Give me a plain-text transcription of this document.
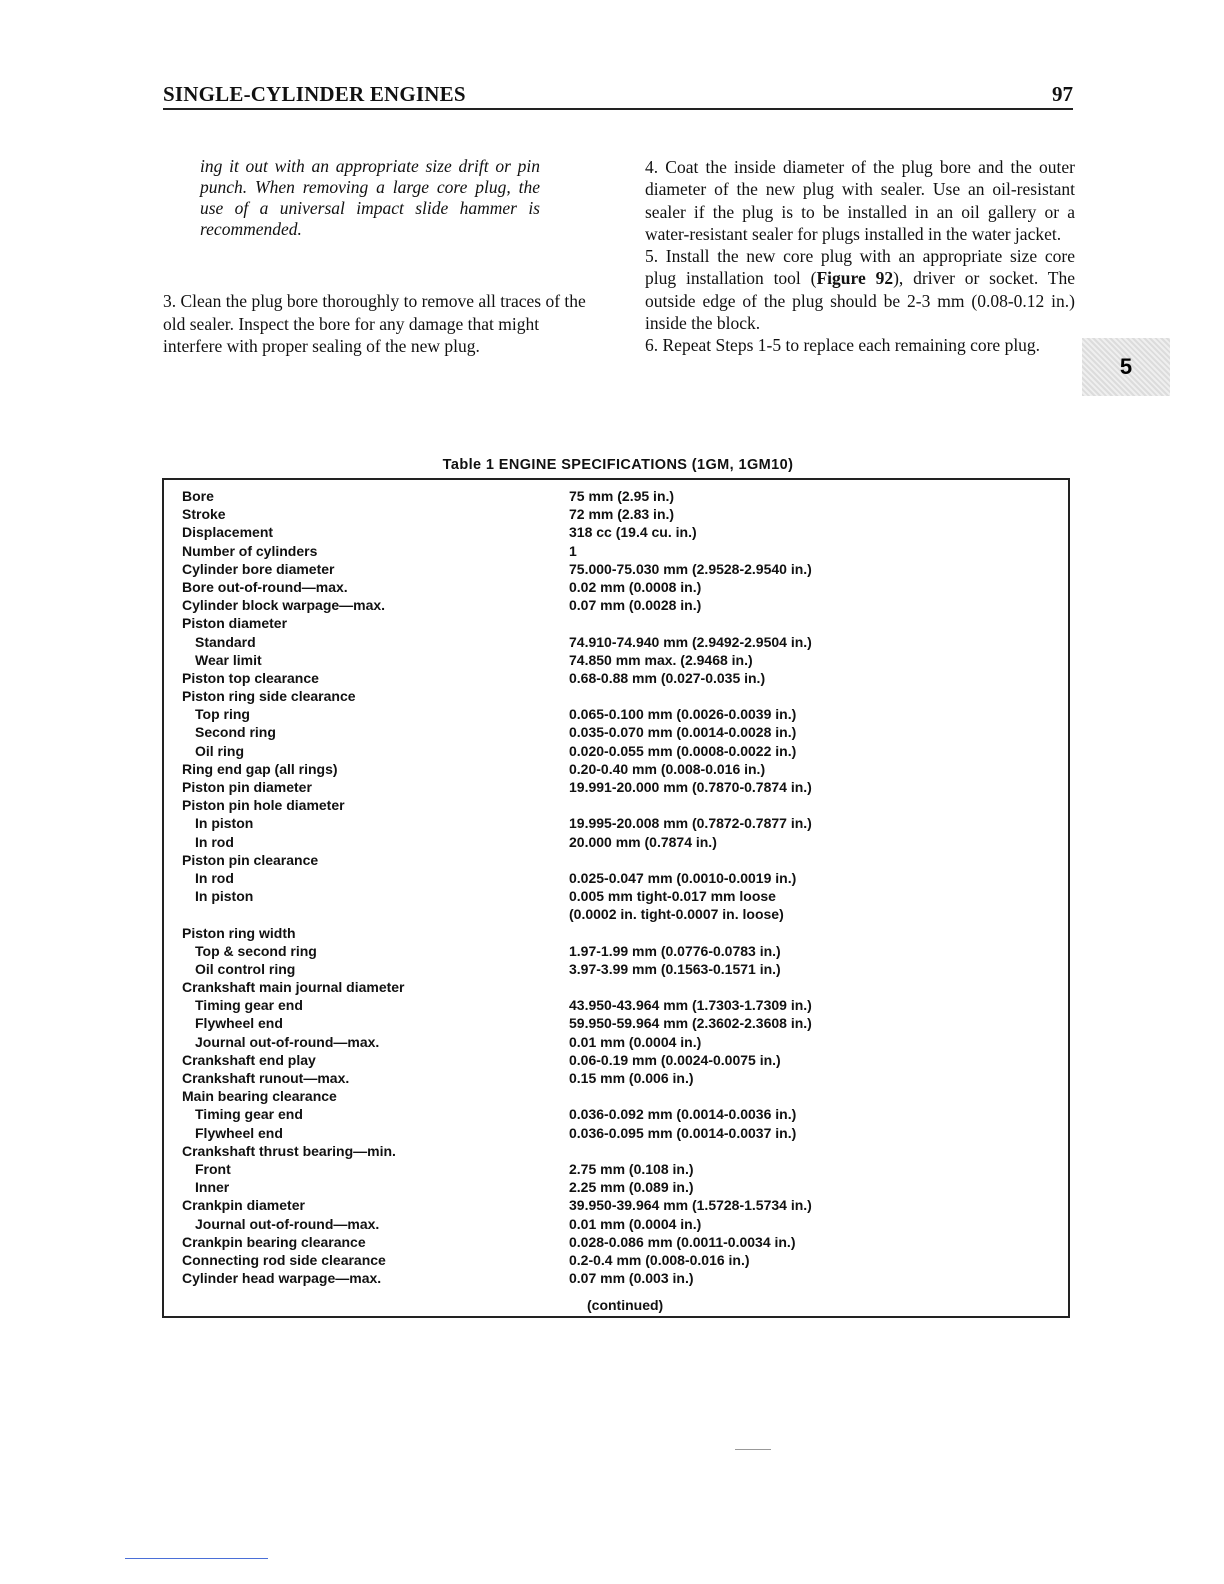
SINGLE-CYLINDER ENGINES	97
ing it out with an appropriate size drift or pin punch. When removing a large core plug, the use of a universal impact slide hammer is recommended.
3. Clean the plug bore thoroughly to remove all traces of the old sealer. Inspect the bore for any damage that might interfere with proper sealing of the new plug.

4. Coat the inside diameter of the plug bore and the outer diameter of the new plug with sealer. Use an oil-resistant sealer if the plug is to be installed in an oil gallery or a water-resistant sealer for plugs installed in the water jacket.

5. Install the new core plug with an appropriate size core plug installation tool (Figure 92), driver or socket. The outside edge of the plug should be 2-3 mm (0.08-0.12 in.) inside the block.

6. Repeat Steps 1-5 to replace each remaining core plug.

5
Table 1 ENGINE SPECIFICATIONS (1GM, 1GM10)
Bore	75 mm (2.95 in.)
Stroke	72 mm (2.83 in.)
Displacement	318 cc (19.4 cu. in.)
Number of cylinders	1
Cylinder bore diameter	75.000-75.030 mm (2.9528-2.9540 in.)
Bore out-of-round—max.	0.02 mm (0.0008 in.)
Cylinder block warpage—max.	0.07 mm (0.0028 in.)
Piston diameter
Standard	74.910-74.940 mm (2.9492-2.9504 in.)
Wear limit	74.850 mm max. (2.9468 in.)
Piston top clearance	0.68-0.88 mm (0.027-0.035 in.)
Piston ring side clearance
Top ring	0.065-0.100 mm (0.0026-0.0039 in.)
Second ring	0.035-0.070 mm (0.0014-0.0028 in.)
Oil ring	0.020-0.055 mm (0.0008-0.0022 in.)
Ring end gap (all rings)	0.20-0.40 mm (0.008-0.016 in.)
Piston pin diameter	19.991-20.000 mm (0.7870-0.7874 in.)
Piston pin hole diameter
In piston	19.995-20.008 mm (0.7872-0.7877 in.)
In rod	20.000 mm (0.7874 in.)
Piston pin clearance
In rod	0.025-0.047 mm (0.0010-0.0019 in.)
In piston	0.005 mm tight-0.017 mm loose
(0.0002 in. tight-0.0007 in. loose)
Piston ring width
Top & second ring	1.97-1.99 mm (0.0776-0.0783 in.)
Oil control ring	3.97-3.99 mm (0.1563-0.1571 in.)
Crankshaft main journal diameter
Timing gear end	43.950-43.964 mm (1.7303-1.7309 in.)
Flywheel end	59.950-59.964 mm (2.3602-2.3608 in.)
Journal out-of-round—max.	0.01 mm (0.0004 in.)
Crankshaft end play	0.06-0.19 mm (0.0024-0.0075 in.)
Crankshaft runout—max.	0.15 mm (0.006 in.)
Main bearing clearance
Timing gear end	0.036-0.092 mm (0.0014-0.0036 in.)
Flywheel end	0.036-0.095 mm (0.0014-0.0037 in.)
Crankshaft thrust bearing—min.
Front	2.75 mm (0.108 in.)
Inner	2.25 mm (0.089 in.)
Crankpin diameter	39.950-39.964 mm (1.5728-1.5734 in.)
Journal out-of-round—max.	0.01 mm (0.0004 in.)
Crankpin bearing clearance	0.028-0.086 mm (0.0011-0.0034 in.)
Connecting rod side clearance	0.2-0.4 mm (0.008-0.016 in.)
Cylinder head warpage—max.	0.07 mm (0.003 in.)
(continued)
